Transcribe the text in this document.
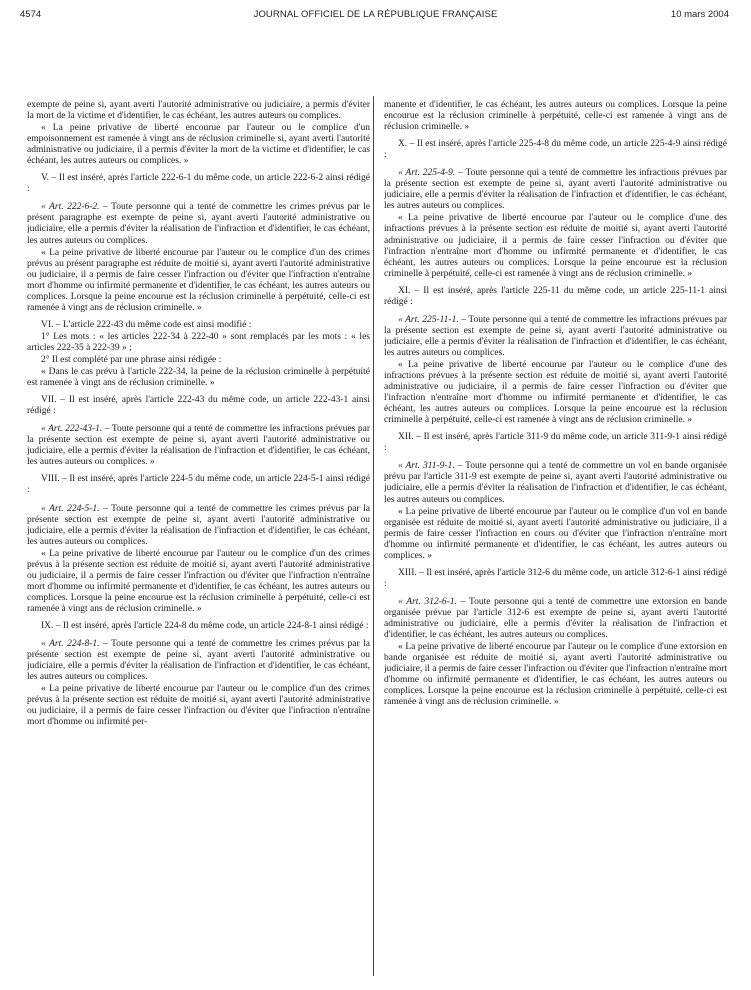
4574	JOURNAL OFFICIEL DE LA RÉPUBLIQUE FRANÇAISE	10 mars 2004

exempte de peine si, ayant averti l'autorité administrative ou judiciaire, a permis d'éviter la mort de la victime et d'identifier, le cas échéant, les autres auteurs ou complices.

« La peine privative de liberté encourue par l'auteur ou le complice d'un empoisonnement est ramenée à vingt ans de réclusion criminelle si, ayant averti l'autorité administrative ou judiciaire, il a permis d'éviter la mort de la victime et d'identifier, le cas échéant, les autres auteurs ou complices. »

V. – Il est inséré, après l'article 222-6-1 du même code, un article 222-6-2 ainsi rédigé :

« Art. 222-6-2. – Toute personne qui a tenté de commettre les crimes prévus par le présent paragraphe est exempte de peine si, ayant averti l'autorité administrative ou judiciaire, elle a permis d'éviter la réalisation de l'infraction et d'identifier, le cas échéant, les autres auteurs ou complices.

« La peine privative de liberté encourue par l'auteur ou le complice d'un des crimes prévus au présent paragraphe est réduite de moitié si, ayant averti l'autorité administrative ou judiciaire, il a permis de faire cesser l'infraction ou d'éviter que l'infraction n'entraîne mort d'homme ou infirmité permanente et d'identifier, le cas échéant, les autres auteurs ou complices. Lorsque la peine encourue est la réclusion criminelle à perpétuité, celle-ci est ramenée à vingt ans de réclusion criminelle. »

VI. – L'article 222-43 du même code est ainsi modifié :

1° Les mots : « les articles 222-34 à 222-40 » sont remplacés par les mots : « les articles 222-35 à 222-39 » ;

2° Il est complété par une phrase ainsi rédigée :

« Dans le cas prévu à l'article 222-34, la peine de la réclusion criminelle à perpétuité est ramenée à vingt ans de réclusion criminelle. »

VII. – Il est inséré, après l'article 222-43 du même code, un article 222-43-1 ainsi rédigé :

« Art. 222-43-1. – Toute personne qui a tenté de commettre les infractions prévues par la présente section est exempte de peine si, ayant averti l'autorité administrative ou judiciaire, elle a permis d'éviter la réalisation de l'infraction et d'identifier, le cas échéant, les autres auteurs ou complices. »

VIII. – Il est inséré, après l'article 224-5 du même code, un article 224-5-1 ainsi rédigé :

« Art. 224-5-1. – Toute personne qui a tenté de commettre les crimes prévus par la présente section est exempte de peine si, ayant averti l'autorité administrative ou judiciaire, elle a permis d'éviter la réalisation de l'infraction et d'identifier, le cas échéant, les autres auteurs ou complices.

« La peine privative de liberté encourue par l'auteur ou le complice d'un des crimes prévus à la présente section est réduite de moitié si, ayant averti l'autorité administrative ou judiciaire, il a permis de faire cesser l'infraction ou d'éviter que l'infraction n'entraîne mort d'homme ou infirmité permanente et d'identifier, le cas échéant, les autres auteurs ou complices. Lorsque la peine encourue est la réclusion criminelle à perpétuité, celle-ci est ramenée à vingt ans de réclusion criminelle. »

IX. – Il est inséré, après l'article 224-8 du même code, un article 224-8-1 ainsi rédigé :

« Art. 224-8-1. – Toute personne qui a tenté de commettre les crimes prévus par la présente section est exempte de peine si, ayant averti l'autorité administrative ou judiciaire, elle a permis d'éviter la réalisation de l'infraction et d'identifier, le cas échéant, les autres auteurs ou complices.

« La peine privative de liberté encourue par l'auteur ou le complice d'un des crimes prévus à la présente section est réduite de moitié si, ayant averti l'autorité administrative ou judiciaire, il a permis de faire cesser l'infraction ou d'éviter que l'infraction n'entraîne mort d'homme ou infirmité per-

manente et d'identifier, le cas échéant, les autres auteurs ou complices. Lorsque la peine encourue est la réclusion criminelle à perpétuité, celle-ci est ramenée à vingt ans de réclusion criminelle. »

X. – Il est inséré, après l'article 225-4-8 du même code, un article 225-4-9 ainsi rédigé :

« Art. 225-4-9. – Toute personne qui a tenté de commettre les infractions prévues par la présente section est exempte de peine si, ayant averti l'autorité administrative ou judiciaire, elle a permis d'éviter la réalisation de l'infraction et d'identifier, le cas échéant, les autres auteurs ou complices.

« La peine privative de liberté encourue par l'auteur ou le complice d'une des infractions prévues à la présente section est réduite de moitié si, ayant averti l'autorité administrative ou judiciaire, il a permis de faire cesser l'infraction ou d'éviter que l'infraction n'entraîne mort d'homme ou infirmité permanente et d'identifier, le cas échéant, les autres auteurs ou complices. Lorsque la peine encourue est la réclusion criminelle à perpétuité, celle-ci est ramenée à vingt ans de réclusion criminelle. »

XI. – Il est inséré, après l'article 225-11 du même code, un article 225-11-1 ainsi rédigé :

« Art. 225-11-1. – Toute personne qui a tenté de commettre les infractions prévues par la présente section est exempte de peine si, ayant averti l'autorité administrative ou judiciaire, elle a permis d'éviter la réalisation de l'infraction et d'identifier, le cas échéant, les autres auteurs ou complices.

« La peine privative de liberté encourue par l'auteur ou le complice d'une des infractions prévues à la présente section est réduite de moitié si, ayant averti l'autorité administrative ou judiciaire, il a permis de faire cesser l'infraction ou d'éviter que l'infraction n'entraîne mort d'homme ou infirmité permanente et d'identifier, le cas échéant, les autres auteurs ou complices. Lorsque la peine encourue est la réclusion criminelle à perpétuité, celle-ci est ramenée à vingt ans de réclusion criminelle. »

XII. – Il est inséré, après l'article 311-9 du même code, un article 311-9-1 ainsi rédigé :

« Art. 311-9-1. – Toute personne qui a tenté de commettre un vol en bande organisée prévu par l'article 311-9 est exempte de peine si, ayant averti l'autorité administrative ou judiciaire, elle a permis d'éviter la réalisation de l'infraction et d'identifier, le cas échéant, les autres auteurs ou complices.

« La peine privative de liberté encourue par l'auteur ou le complice d'un vol en bande organisée est réduite de moitié si, ayant averti l'autorité administrative ou judiciaire, il a permis de faire cesser l'infraction en cours ou d'éviter que l'infraction n'entraîne mort d'homme ou infirmité permanente et d'identifier, le cas échéant, les autres auteurs ou complices. »

XIII. – Il est inséré, après l'article 312-6 du même code, un article 312-6-1 ainsi rédigé :

« Art. 312-6-1. – Toute personne qui a tenté de commettre une extorsion en bande organisée prévue par l'article 312-6 est exempte de peine si, ayant averti l'autorité administrative ou judiciaire, elle a permis d'éviter la réalisation de l'infraction et d'identifier, le cas échéant, les autres auteurs ou complices.

« La peine privative de liberté encourue par l'auteur ou le complice d'une extorsion en bande organisée est réduite de moitié si, ayant averti l'autorité administrative ou judiciaire, il a permis de faire cesser l'infraction ou d'éviter que l'infraction n'entraîne mort d'homme ou infirmité permanente et d'identifier, le cas échéant, les autres auteurs ou complices. Lorsque la peine encourue est la réclusion criminelle à perpétuité, celle-ci est ramenée à vingt ans de réclusion criminelle. »
